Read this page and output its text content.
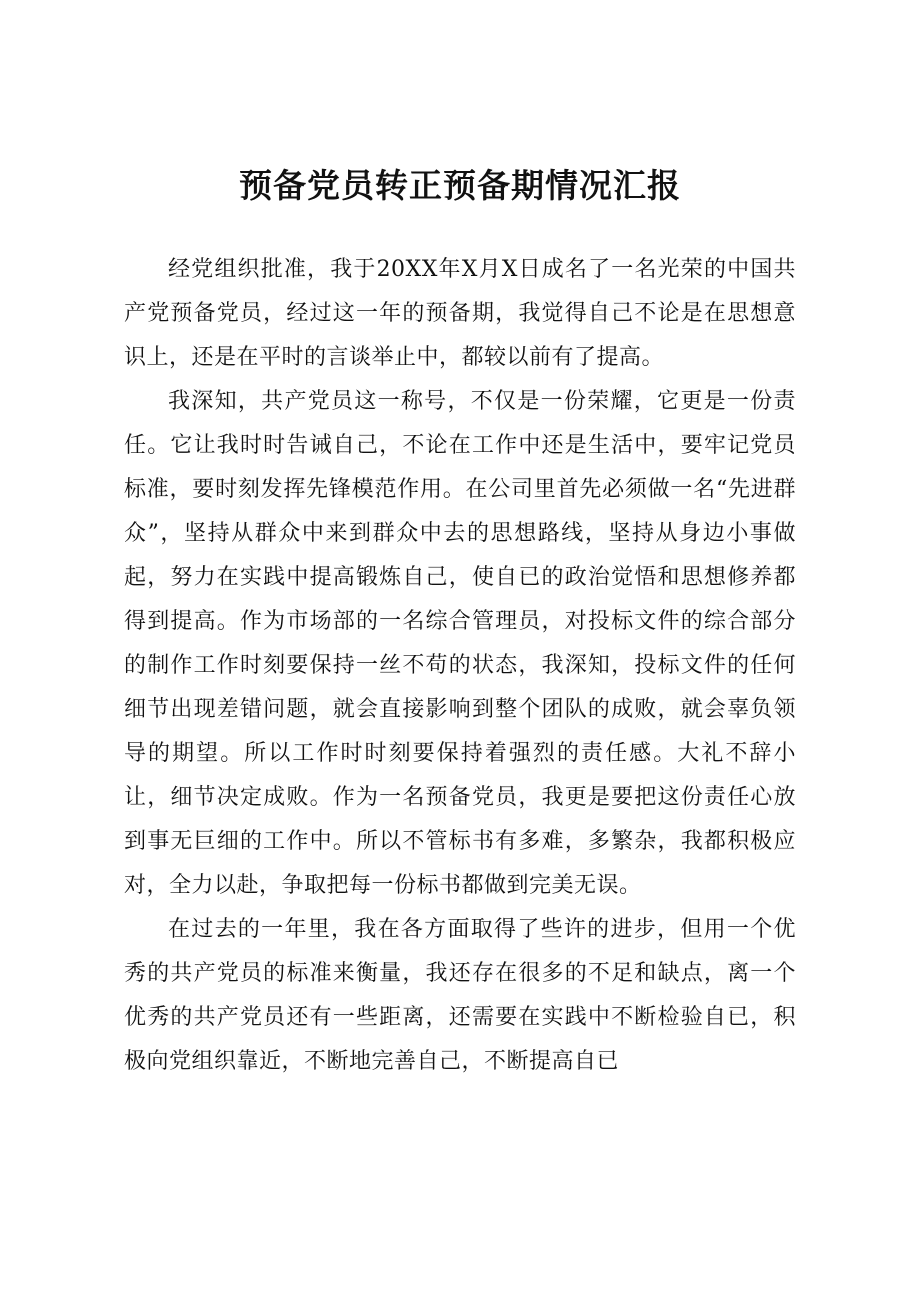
预备党员转正预备期情况汇报

经党组织批准，我于20XX年X月X日成名了一名光荣的中国共产党预备党员，经过这一年的预备期，我觉得自己不论是在思想意识上，还是在平时的言谈举止中，都较以前有了提高。

我深知，共产党员这一称号，不仅是一份荣耀，它更是一份责任。它让我时时告诫自己，不论在工作中还是生活中，要牢记党员标准，要时刻发挥先锋模范作用。在公司里首先必须做一名“先进群众”，坚持从群众中来到群众中去的思想路线，坚持从身边小事做起，努力在实践中提高锻炼自己，使自已的政治觉悟和思想修养都得到提高。作为市场部的一名综合管理员，对投标文件的综合部分的制作工作时刻要保持一丝不苟的状态，我深知，投标文件的任何细节出现差错问题，就会直接影响到整个团队的成败，就会辜负领导的期望。所以工作时时刻要保持着强烈的责任感。大礼不辞小让，细节决定成败。作为一名预备党员，我更是要把这份责任心放到事无巨细的工作中。所以不管标书有多难，多繁杂，我都积极应对，全力以赴，争取把每一份标书都做到完美无误。

在过去的一年里，我在各方面取得了些许的进步，但用一个优秀的共产党员的标准来衡量，我还存在很多的不足和缺点，离一个优秀的共产党员还有一些距离，还需要在实践中不断检验自已，积极向党组织靠近，不断地完善自己，不断提高自已
